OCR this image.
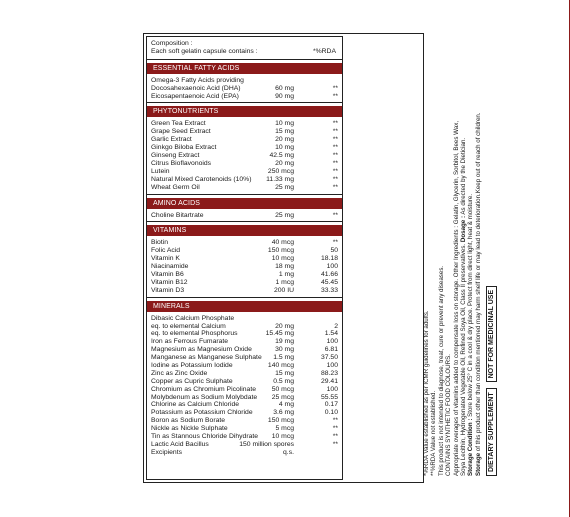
Composition :
Each soft gelatin capsule contains :	*%RDA
ESSENTIAL FATTY ACIDS
Omega-3 Fatty Acids providing
Docosahexaenoic Acid (DHA)	60 mg	**
Eicosapentaenoic Acid (EPA)	90 mg	**
PHYTONUTRIENTS
Green Tea Extract	10 mg	**
Grape Seed Extract	15 mg	**
Garlic Extract	20 mg	**
Ginkgo Biloba Extract	10 mg	**
Ginseng Extract	42.5 mg	**
Citrus Bioflavonoids	20 mg	**
Lutein	250 mcg	**
Natural Mixed Carotenoids (10%) 11.33 mg	**
Wheat Germ Oil	25 mg	**
AMINO ACIDS
Choline Bitartrate	25 mg	**
VITAMINS
Biotin	40 mcg	**
Folic Acid	150 mcg	50
Vitamin K	10 mcg	18.18
Niacinamide	18 mg	100
Vitamin B6	1 mg	41.66
Vitamin B12	1 mcg	45.45
Vitamin D3	200 IU	33.33
MINERALS
Dibasic Calcium Phosphate
eq. to elemental Calcium	20 mg	2
eq. to elemental Phosphorus	15.45 mg	1.54
Iron as Ferrous Fumarate	19 mg	100
Magnesium as Magnesium Oxide	30 mg	6.81
Manganese as Manganese Sulphate 1.5 mg	37.50
Iodine as Potassium Iodide	140 mcg	100
Zinc as Zinc Oxide	15 mg	88.23
Copper as Cupric Sulphate	0.5 mg	29.41
Chromium as Chromium Picolinate 50 mcg	100
Molybdenum as Sodium Molybdate 25 mcg	55.55
Chlorine as Calcium Chloride	4 mg	0.17
Potassium as Potassium Chloride	3.6 mg	0.10
Boron as Sodium Borate	150 mcg	**
Nickle as Nickle Sulphate	5 mcg	**
Tin as Stannous Chloride Dihydrate 10 mcg	**
Lactic Acid Bacillus	150 million spores	**
Excipients	q.s.	*%RDA Value established as per ICMR guidelines for adults. **%RDA Value not established. This product is not intended to diagnose, treat, cure or prevent any diseases. CONTAINS SYNTHETIC FOOD COLOURS. Appropriate overages of vitamins added to compensate loss on storage. Other Ingredients : Gelatin, Glycerin, Sorbitol, Bees Wax, Soya Lecithin, Hydrogenated Vegetable Oil, Refined Soya Oil, Class II preservatives. Dosage : As directed by the Dietician.
Storage Condition : Store below 25° C in a cool & dry place. Protect from direct light, heat & moisture.
Storage of this product other than condition mentioned may harm shelf life or may lead to deterioration.Keep out of reach of children. DIETARY SUPPLEMENT
NOT FOR MEDICINAL USE
